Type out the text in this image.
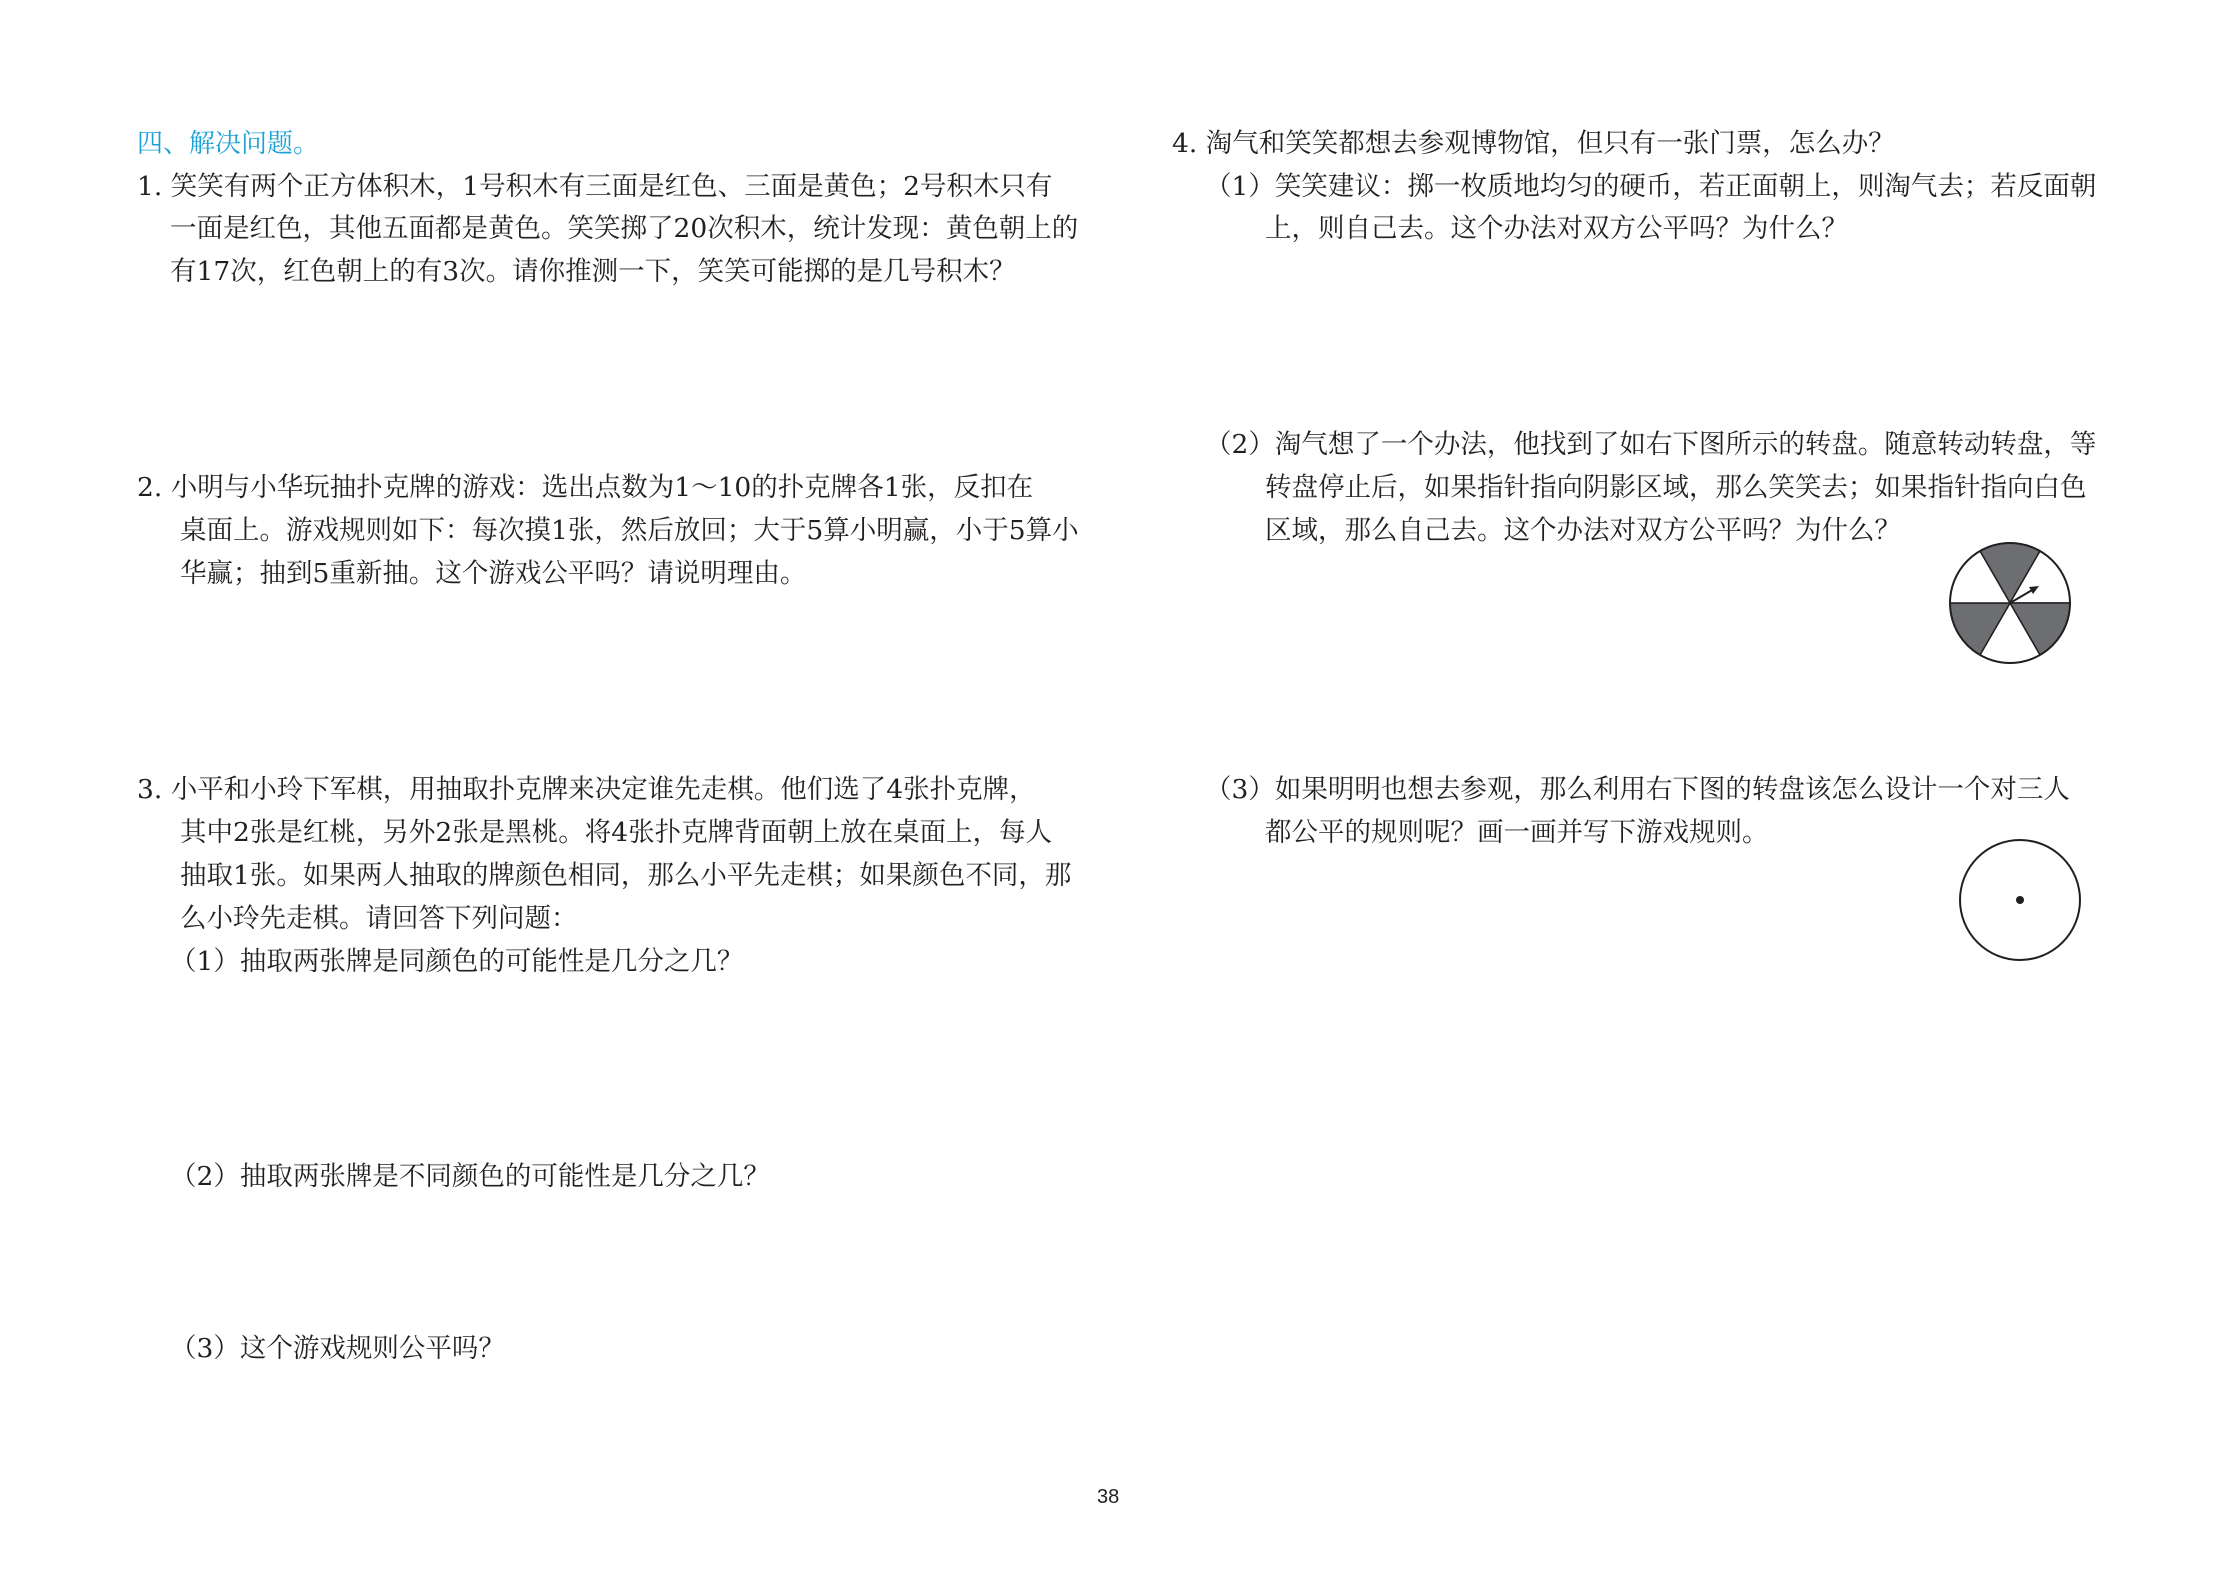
四、解决问题。
1. 笑笑有两个正方体积木，1号积木有三面是红色、三面是黄色；2号积木只有
一面是红色，其他五面都是黄色。笑笑掷了20次积木，统计发现：黄色朝上的
有17次，红色朝上的有3次。请你推测一下，笑笑可能掷的是几号积木？
2. 小明与小华玩抽扑克牌的游戏：选出点数为1～10的扑克牌各1张，反扣在
桌面上。游戏规则如下：每次摸1张，然后放回；大于5算小明赢，小于5算小
华赢；抽到5重新抽。这个游戏公平吗？请说明理由。
3. 小平和小玲下军棋，用抽取扑克牌来决定谁先走棋。他们选了4张扑克牌，
其中2张是红桃，另外2张是黑桃。将4张扑克牌背面朝上放在桌面上，每人
抽取1张。如果两人抽取的牌颜色相同，那么小平先走棋；如果颜色不同，那
么小玲先走棋。请回答下列问题：
（1）抽取两张牌是同颜色的可能性是几分之几？
（2）抽取两张牌是不同颜色的可能性是几分之几？
（3）这个游戏规则公平吗？
4. 淘气和笑笑都想去参观博物馆，但只有一张门票，怎么办？
（1）笑笑建议：掷一枚质地均匀的硬币，若正面朝上，则淘气去；若反面朝
上，则自己去。这个办法对双方公平吗？为什么？
（2）淘气想了一个办法，他找到了如右下图所示的转盘。随意转动转盘，等
转盘停止后，如果指针指向阴影区域，那么笑笑去；如果指针指向白色
区域，那么自己去。这个办法对双方公平吗？为什么？
（3）如果明明也想去参观，那么利用右下图的转盘该怎么设计一个对三人
都公平的规则呢？画一画并写下游戏规则。
38
